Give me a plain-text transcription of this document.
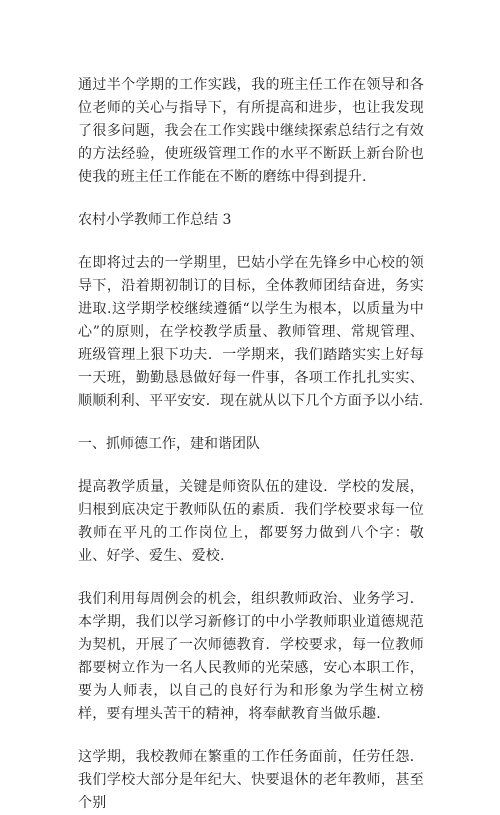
通过半个学期的工作实践，我的班主任工作在领导和各位老师的关心与指导下，有所提高和进步，也让我发现了很多问题，我会在工作实践中继续探索总结行之有效的方法经验，使班级管理工作的水平不断跃上新台阶也使我的班主任工作能在不断的磨练中得到提升.

农村小学教师工作总结 3

在即将过去的一学期里，巴姑小学在先锋乡中心校的领导下，沿着期初制订的目标，全体教师团结奋进，务实进取.这学期学校继续遵循“以学生为根本，以质量为中心”的原则，在学校教学质量、教师管理、常规管理、班级管理上狠下功夫．一学期来，我们踏踏实实上好每一天班，勤勤恳恳做好每一件事，各项工作扎扎实实、顺顺利利、平平安安．现在就从以下几个方面予以小结.

一、抓师德工作，建和谐团队

提高教学质量，关键是师资队伍的建设．学校的发展，归根到底决定于教师队伍的素质．我们学校要求每一位教师在平凡的工作岗位上，都要努力做到八个字：敬业、好学、爱生、爱校.

我们利用每周例会的机会，组织教师政治、业务学习．本学期，我们以学习新修订的中小学教师职业道德规范为契机，开展了一次师德教育．学校要求，每一位教师都要树立作为一名人民教师的光荣感，安心本职工作，要为人师表，以自己的良好行为和形象为学生树立榜样，要有埋头苦干的精神，将奉献教育当做乐趣.

这学期，我校教师在繁重的工作任务面前，任劳任怨．我们学校大部分是年纪大、快要退休的老年教师，甚至个别
